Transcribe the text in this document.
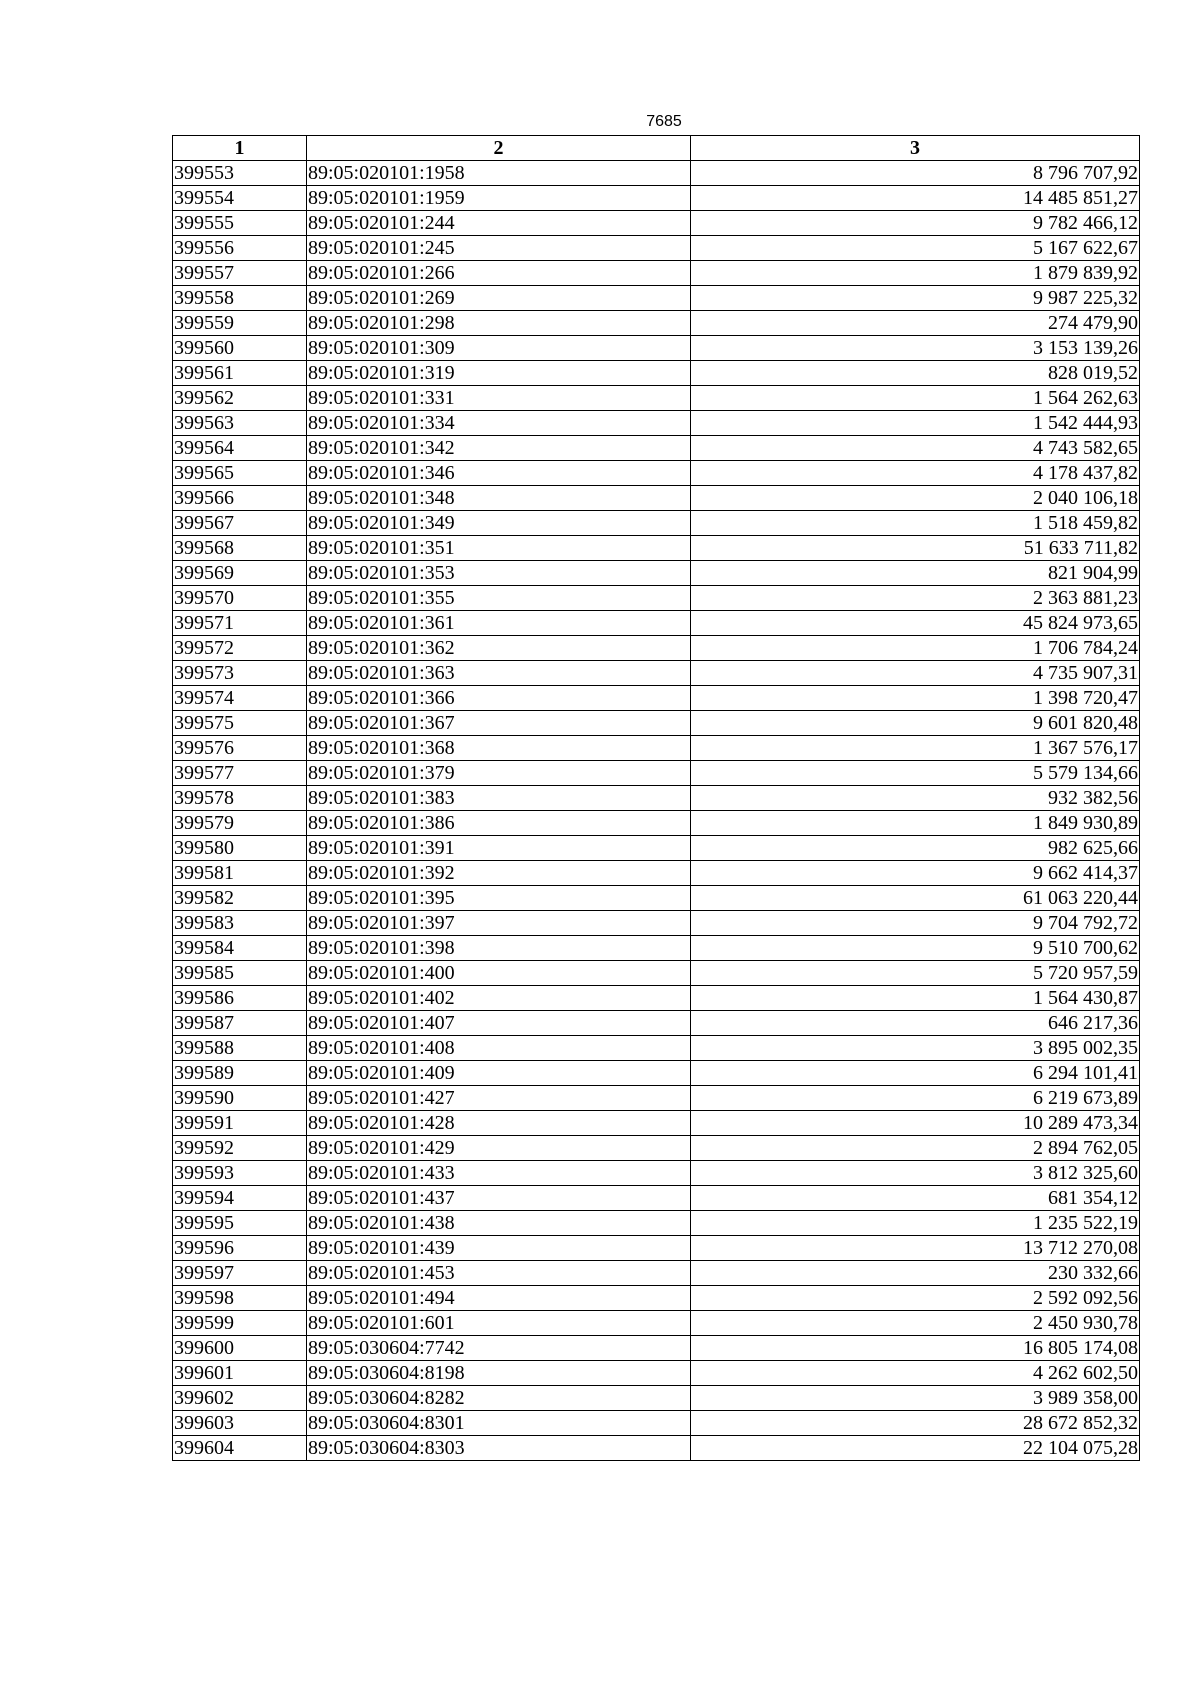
7685
1	2	3
399553	89:05:020101:1958	8 796 707,92
399554	89:05:020101:1959	14 485 851,27
399555	89:05:020101:244	9 782 466,12
399556	89:05:020101:245	5 167 622,67
399557	89:05:020101:266	1 879 839,92
399558	89:05:020101:269	9 987 225,32
399559	89:05:020101:298	274 479,90
399560	89:05:020101:309	3 153 139,26
399561	89:05:020101:319	828 019,52
399562	89:05:020101:331	1 564 262,63
399563	89:05:020101:334	1 542 444,93
399564	89:05:020101:342	4 743 582,65
399565	89:05:020101:346	4 178 437,82
399566	89:05:020101:348	2 040 106,18
399567	89:05:020101:349	1 518 459,82
399568	89:05:020101:351	51 633 711,82
399569	89:05:020101:353	821 904,99
399570	89:05:020101:355	2 363 881,23
399571	89:05:020101:361	45 824 973,65
399572	89:05:020101:362	1 706 784,24
399573	89:05:020101:363	4 735 907,31
399574	89:05:020101:366	1 398 720,47
399575	89:05:020101:367	9 601 820,48
399576	89:05:020101:368	1 367 576,17
399577	89:05:020101:379	5 579 134,66
399578	89:05:020101:383	932 382,56
399579	89:05:020101:386	1 849 930,89
399580	89:05:020101:391	982 625,66
399581	89:05:020101:392	9 662 414,37
399582	89:05:020101:395	61 063 220,44
399583	89:05:020101:397	9 704 792,72
399584	89:05:020101:398	9 510 700,62
399585	89:05:020101:400	5 720 957,59
399586	89:05:020101:402	1 564 430,87
399587	89:05:020101:407	646 217,36
399588	89:05:020101:408	3 895 002,35
399589	89:05:020101:409	6 294 101,41
399590	89:05:020101:427	6 219 673,89
399591	89:05:020101:428	10 289 473,34
399592	89:05:020101:429	2 894 762,05
399593	89:05:020101:433	3 812 325,60
399594	89:05:020101:437	681 354,12
399595	89:05:020101:438	1 235 522,19
399596	89:05:020101:439	13 712 270,08
399597	89:05:020101:453	230 332,66
399598	89:05:020101:494	2 592 092,56
399599	89:05:020101:601	2 450 930,78
399600	89:05:030604:7742	16 805 174,08
399601	89:05:030604:8198	4 262 602,50
399602	89:05:030604:8282	3 989 358,00
399603	89:05:030604:8301	28 672 852,32
399604	89:05:030604:8303	22 104 075,28
